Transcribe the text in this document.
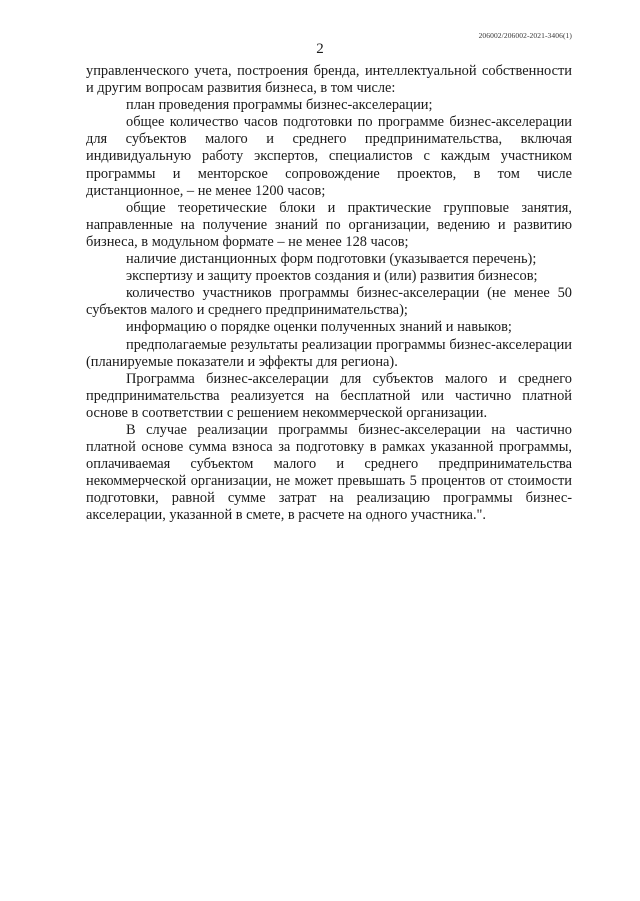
206002/206002-2021-3406(1)
2

управленческого учета, построения бренда, интеллектуальной собственности и другим вопросам развития бизнеса, в том числе:

план проведения программы бизнес-акселерации;

общее количество часов подготовки по программе бизнес-акселерации для субъектов малого и среднего предпринимательства, включая индивидуальную работу экспертов, специалистов с каждым участником программы и менторское сопровождение проектов, в том числе дистанционное, – не менее 1200 часов;

общие теоретические блоки и практические групповые занятия, направленные на получение знаний по организации, ведению и развитию бизнеса, в модульном формате – не менее 128 часов;

наличие дистанционных форм подготовки (указывается перечень);

экспертизу и защиту проектов создания и (или) развития бизнесов;

количество участников программы бизнес-акселерации (не менее 50 субъектов малого и среднего предпринимательства);

информацию о порядке оценки полученных знаний и навыков;

предполагаемые результаты реализации программы бизнес-акселерации (планируемые показатели и эффекты для региона).

Программа бизнес-акселерации для субъектов малого и среднего предпринимательства реализуется на бесплатной или частично платной основе в соответствии с решением некоммерческой организации.

В случае реализации программы бизнес-акселерации на частично платной основе сумма взноса за подготовку в рамках указанной программы, оплачиваемая субъектом малого и среднего предпринимательства некоммерческой организации, не может превышать 5 процентов от стоимости подготовки, равной сумме затрат на реализацию программы бизнес-акселерации, указанной в смете, в расчете на одного участника.".
